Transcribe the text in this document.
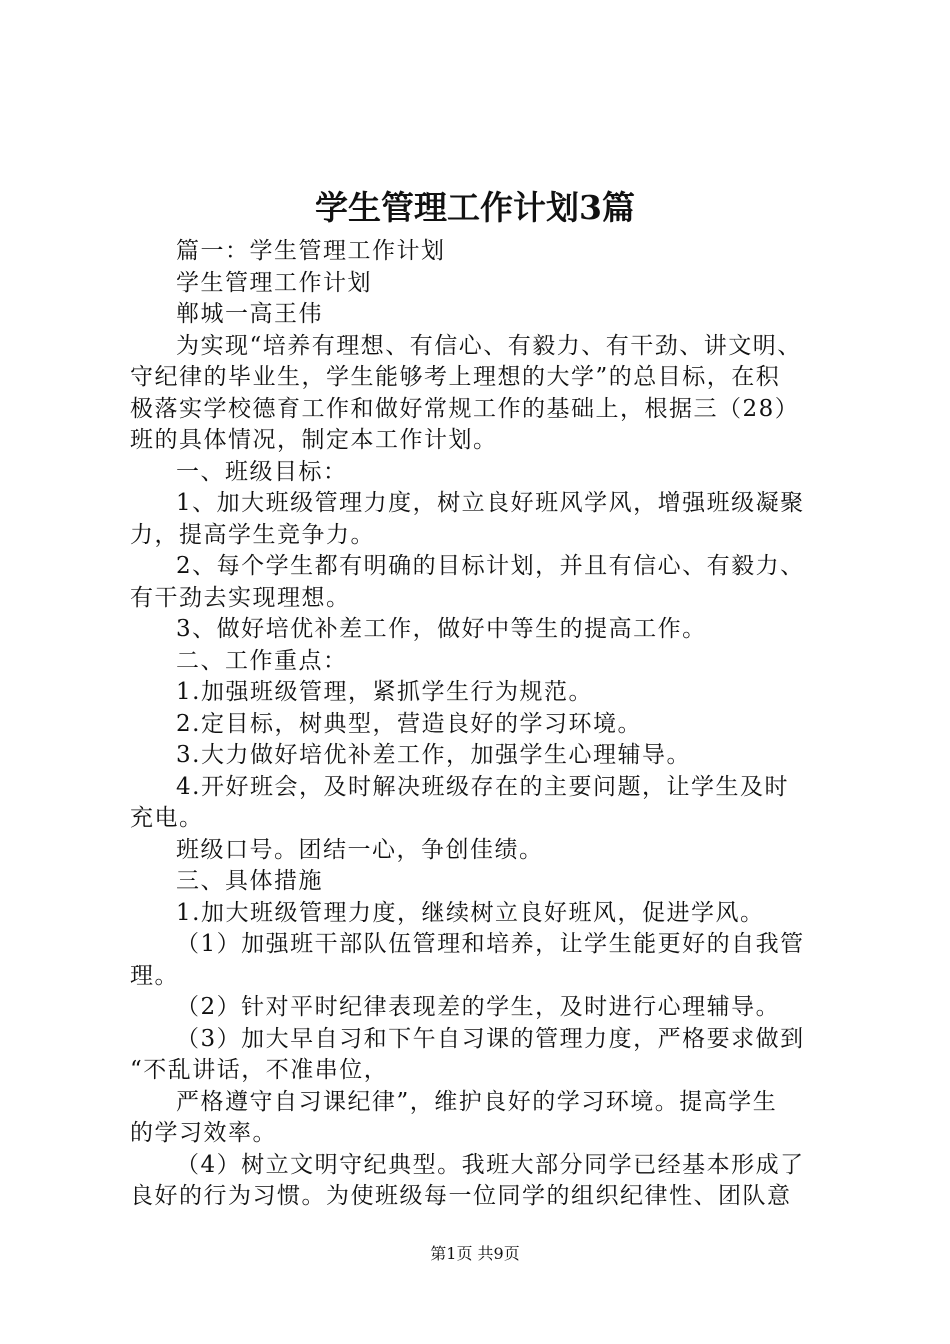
学生管理工作计划3篇
篇一：学生管理工作计划
学生管理工作计划
郸城一高王伟
为实现“培养有理想、有信心、有毅力、有干劲、讲文明、
守纪律的毕业生，学生能够考上理想的大学”的总目标，在积
极落实学校德育工作和做好常规工作的基础上，根据三（28）
班的具体情况，制定本工作计划。
一、班级目标：
1、加大班级管理力度，树立良好班风学风，增强班级凝聚
力，提高学生竞争力。
2、每个学生都有明确的目标计划，并且有信心、有毅力、
有干劲去实现理想。
3、做好培优补差工作，做好中等生的提高工作。
二、工作重点：
1.加强班级管理，紧抓学生行为规范。
2.定目标，树典型，营造良好的学习环境。
3.大力做好培优补差工作，加强学生心理辅导。
4.开好班会，及时解决班级存在的主要问题，让学生及时
充电。
班级口号。团结一心，争创佳绩。
三、具体措施
1.加大班级管理力度，继续树立良好班风，促进学风。
（1）加强班干部队伍管理和培养，让学生能更好的自我管
理。
（2）针对平时纪律表现差的学生，及时进行心理辅导。
（3）加大早自习和下午自习课的管理力度，严格要求做到
“不乱讲话，不准串位，
严格遵守自习课纪律”，维护良好的学习环境。提高学生
的学习效率。
（4）树立文明守纪典型。我班大部分同学已经基本形成了
良好的行为习惯。为使班级每一位同学的组织纪律性、团队意
第1页 共9页
